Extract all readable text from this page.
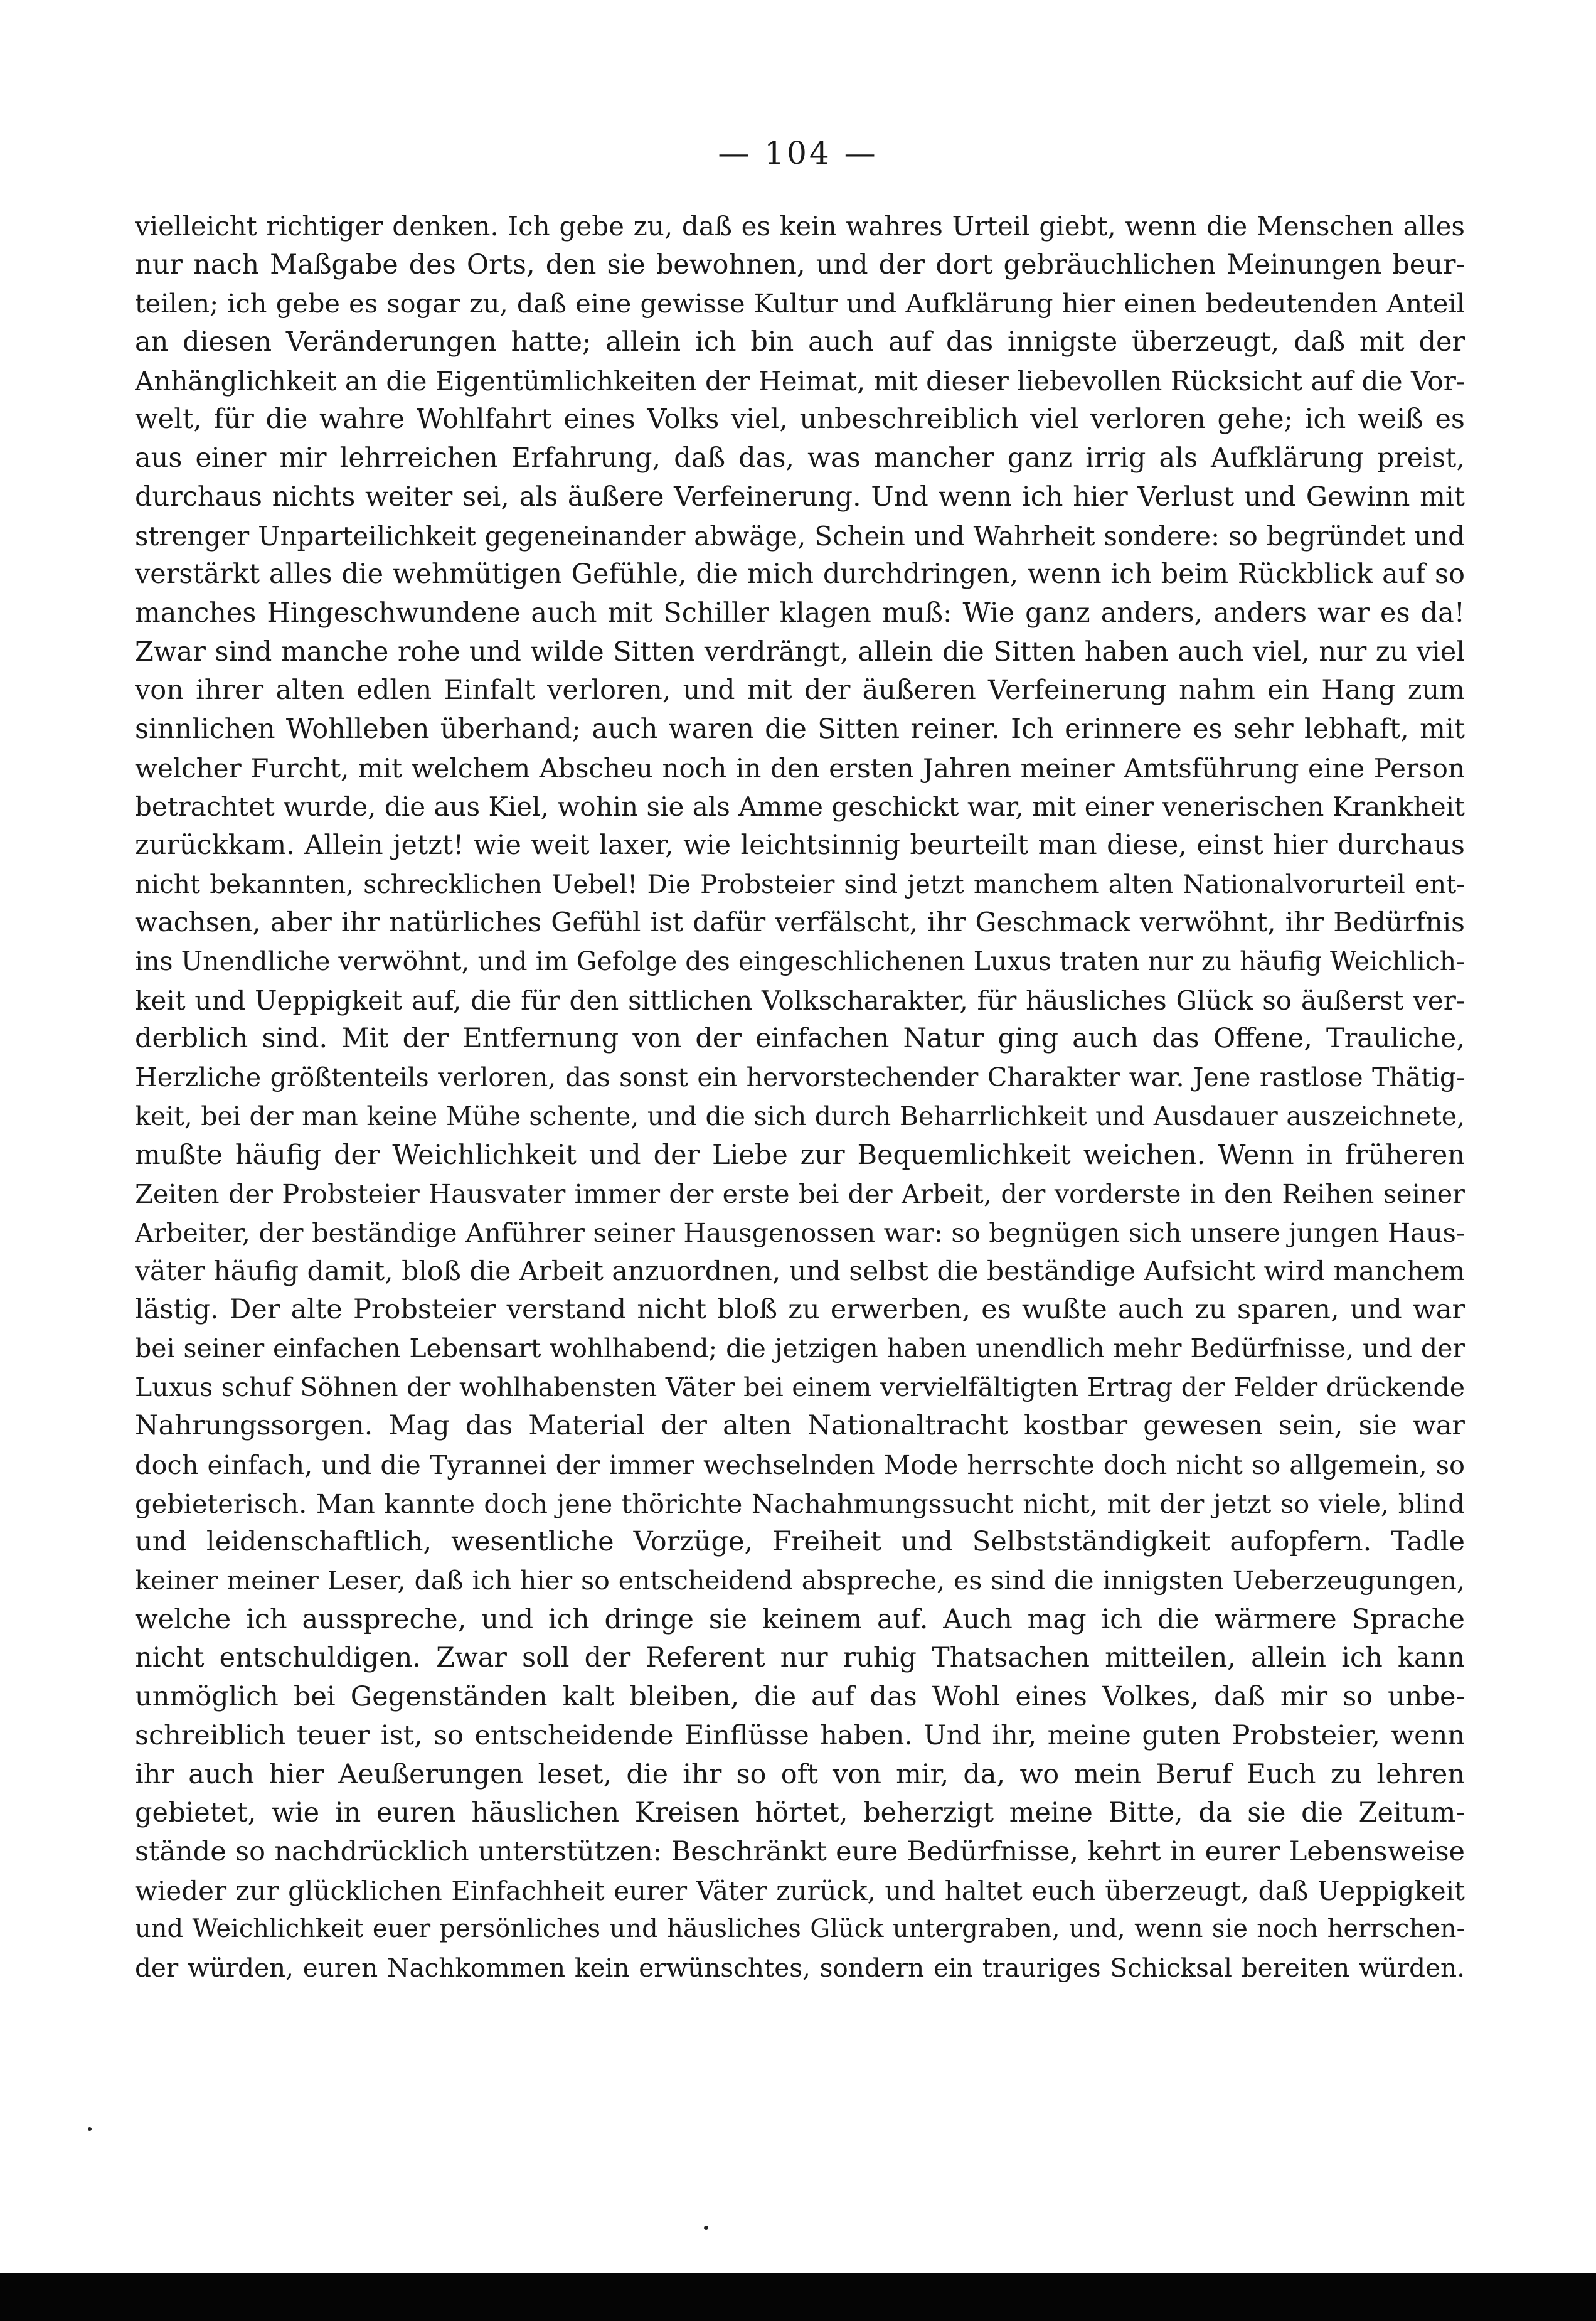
— 104 —
vielleicht richtiger denken. Ich gebe zu, daß es kein wahres Urteil giebt, wenn die Menschen alles
nur nach Maßgabe des Orts, den sie bewohnen, und der dort gebräuchlichen Meinungen beur-
teilen; ich gebe es sogar zu, daß eine gewisse Kultur und Aufklärung hier einen bedeutenden Anteil
an diesen Veränderungen hatte; allein ich bin auch auf das innigste überzeugt, daß mit der
Anhänglichkeit an die Eigentümlichkeiten der Heimat, mit dieser liebevollen Rücksicht auf die Vor-
welt, für die wahre Wohlfahrt eines Volks viel, unbeschreiblich viel verloren gehe; ich weiß es
aus einer mir lehrreichen Erfahrung, daß das, was mancher ganz irrig als Aufklärung preist,
durchaus nichts weiter sei, als äußere Verfeinerung. Und wenn ich hier Verlust und Gewinn mit
strenger Unparteilichkeit gegeneinander abwäge, Schein und Wahrheit sondere: so begründet und
verstärkt alles die wehmütigen Gefühle, die mich durchdringen, wenn ich beim Rückblick auf so
manches Hingeschwundene auch mit Schiller klagen muß: Wie ganz anders, anders war es da!
Zwar sind manche rohe und wilde Sitten verdrängt, allein die Sitten haben auch viel, nur zu viel
von ihrer alten edlen Einfalt verloren, und mit der äußeren Verfeinerung nahm ein Hang zum
sinnlichen Wohlleben überhand; auch waren die Sitten reiner. Ich erinnere es sehr lebhaft, mit
welcher Furcht, mit welchem Abscheu noch in den ersten Jahren meiner Amtsführung eine Person
betrachtet wurde, die aus Kiel, wohin sie als Amme geschickt war, mit einer venerischen Krankheit
zurückkam. Allein jetzt! wie weit laxer, wie leichtsinnig beurteilt man diese, einst hier durchaus
nicht bekannten, schrecklichen Uebel! Die Probsteier sind jetzt manchem alten Nationalvorurteil ent-
wachsen, aber ihr natürliches Gefühl ist dafür verfälscht, ihr Geschmack verwöhnt, ihr Bedürfnis
ins Unendliche verwöhnt, und im Gefolge des eingeschlichenen Luxus traten nur zu häufig Weichlich-
keit und Ueppigkeit auf, die für den sittlichen Volkscharakter, für häusliches Glück so äußerst ver-
derblich sind. Mit der Entfernung von der einfachen Natur ging auch das Offene, Trauliche,
Herzliche größtenteils verloren, das sonst ein hervorstechender Charakter war. Jene rastlose Thätig-
keit, bei der man keine Mühe schente, und die sich durch Beharrlichkeit und Ausdauer auszeichnete,
mußte häufig der Weichlichkeit und der Liebe zur Bequemlichkeit weichen. Wenn in früheren
Zeiten der Probsteier Hausvater immer der erste bei der Arbeit, der vorderste in den Reihen seiner
Arbeiter, der beständige Anführer seiner Hausgenossen war: so begnügen sich unsere jungen Haus-
väter häufig damit, bloß die Arbeit anzuordnen, und selbst die beständige Aufsicht wird manchem
lästig. Der alte Probsteier verstand nicht bloß zu erwerben, es wußte auch zu sparen, und war
bei seiner einfachen Lebensart wohlhabend; die jetzigen haben unendlich mehr Bedürfnisse, und der
Luxus schuf Söhnen der wohlhabensten Väter bei einem vervielfältigten Ertrag der Felder drückende
Nahrungssorgen. Mag das Material der alten Nationaltracht kostbar gewesen sein, sie war
doch einfach, und die Tyrannei der immer wechselnden Mode herrschte doch nicht so allgemein, so
gebieterisch. Man kannte doch jene thörichte Nachahmungssucht nicht, mit der jetzt so viele, blind
und leidenschaftlich, wesentliche Vorzüge, Freiheit und Selbstständigkeit aufopfern. Tadle
keiner meiner Leser, daß ich hier so entscheidend abspreche, es sind die innigsten Ueberzeugungen,
welche ich ausspreche, und ich dringe sie keinem auf. Auch mag ich die wärmere Sprache
nicht entschuldigen. Zwar soll der Referent nur ruhig Thatsachen mitteilen, allein ich kann
unmöglich bei Gegenständen kalt bleiben, die auf das Wohl eines Volkes, daß mir so unbe-
schreiblich teuer ist, so entscheidende Einflüsse haben. Und ihr, meine guten Probsteier, wenn
ihr auch hier Aeußerungen leset, die ihr so oft von mir, da, wo mein Beruf Euch zu lehren
gebietet, wie in euren häuslichen Kreisen hörtet, beherzigt meine Bitte, da sie die Zeitum-
stände so nachdrücklich unterstützen: Beschränkt eure Bedürfnisse, kehrt in eurer Lebensweise
wieder zur glücklichen Einfachheit eurer Väter zurück, und haltet euch überzeugt, daß Ueppigkeit
und Weichlichkeit euer persönliches und häusliches Glück untergraben, und, wenn sie noch herrschen-
der würden, euren Nachkommen kein erwünschtes, sondern ein trauriges Schicksal bereiten würden.
